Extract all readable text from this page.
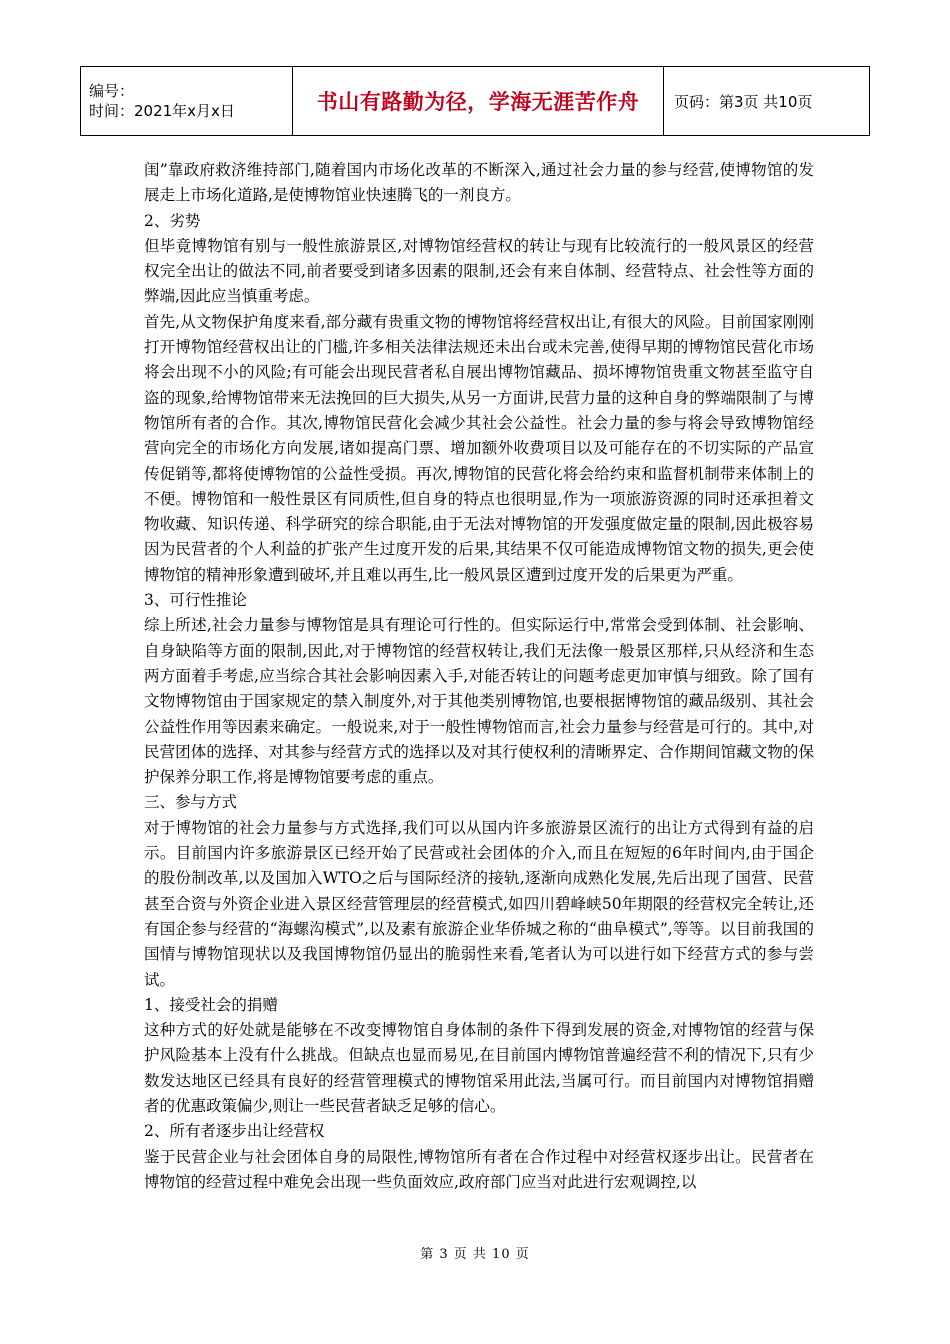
编号：
时间：2021年x月x日	书山有路勤为径，学海无涯苦作舟	页码：第3页 共10页

闺”靠政府救济维持部门,随着国内市场化改革的不断深入,通过社会力量的参与经营,使博物馆的发展走上市场化道路,是使博物馆业快速腾飞的一剂良方。

2、劣势

但毕竟博物馆有别与一般性旅游景区,对博物馆经营权的转让与现有比较流行的一般风景区的经营权完全出让的做法不同,前者要受到诸多因素的限制,还会有来自体制、经营特点、社会性等方面的弊端,因此应当慎重考虑。

首先,从文物保护角度来看,部分藏有贵重文物的博物馆将经营权出让,有很大的风险。目前国家刚刚打开博物馆经营权出让的门槛,许多相关法律法规还未出台或未完善,使得早期的博物馆民营化市场将会出现不小的风险;有可能会出现民营者私自展出博物馆藏品、损坏博物馆贵重文物甚至监守自盗的现象,给博物馆带来无法挽回的巨大损失,从另一方面讲,民营力量的这种自身的弊端限制了与博物馆所有者的合作。其次,博物馆民营化会减少其社会公益性。社会力量的参与将会导致博物馆经营向完全的市场化方向发展,诸如提高门票、增加额外收费项目以及可能存在的不切实际的产品宣传促销等,都将使博物馆的公益性受损。再次,博物馆的民营化将会给约束和监督机制带来体制上的不便。博物馆和一般性景区有同质性,但自身的特点也很明显,作为一项旅游资源的同时还承担着文物收藏、知识传递、科学研究的综合职能,由于无法对博物馆的开发强度做定量的限制,因此极容易因为民营者的个人利益的扩张产生过度开发的后果,其结果不仅可能造成博物馆文物的损失,更会使博物馆的精神形象遭到破坏,并且难以再生,比一般风景区遭到过度开发的后果更为严重。

3、可行性推论

综上所述,社会力量参与博物馆是具有理论可行性的。但实际运行中,常常会受到体制、社会影响、自身缺陷等方面的限制,因此,对于博物馆的经营权转让,我们无法像一般景区那样,只从经济和生态两方面着手考虑,应当综合其社会影响因素入手,对能否转让的问题考虑更加审慎与细致。除了国有文物博物馆由于国家规定的禁入制度外,对于其他类别博物馆,也要根据博物馆的藏品级别、其社会公益性作用等因素来确定。一般说来,对于一般性博物馆而言,社会力量参与经营是可行的。其中,对民营团体的选择、对其参与经营方式的选择以及对其行使权利的清晰界定、合作期间馆藏文物的保护保养分职工作,将是博物馆要考虑的重点。

三、参与方式

对于博物馆的社会力量参与方式选择,我们可以从国内许多旅游景区流行的出让方式得到有益的启示。目前国内许多旅游景区已经开始了民营或社会团体的介入,而且在短短的6年时间内,由于国企的股份制改革,以及国加入WTO之后与国际经济的接轨,逐渐向成熟化发展,先后出现了国营、民营甚至合资与外资企业进入景区经营管理层的经营模式,如四川碧峰峡50年期限的经营权完全转让,还有国企参与经营的“海螺沟模式”,以及素有旅游企业华侨城之称的“曲阜模式”,等等。以目前我国的国情与博物馆现状以及我国博物馆仍显出的脆弱性来看,笔者认为可以进行如下经营方式的参与尝试。

1、接受社会的捐赠

这种方式的好处就是能够在不改变博物馆自身体制的条件下得到发展的资金,对博物馆的经营与保护风险基本上没有什么挑战。但缺点也显而易见,在目前国内博物馆普遍经营不利的情况下,只有少数发达地区已经具有良好的经营管理模式的博物馆采用此法,当属可行。而目前国内对博物馆捐赠者的优惠政策偏少,则让一些民营者缺乏足够的信心。

2、所有者逐步出让经营权

鉴于民营企业与社会团体自身的局限性,博物馆所有者在合作过程中对经营权逐步出让。民营者在博物馆的经营过程中难免会出现一些负面效应,政府部门应当对此进行宏观调控,以

第 3 页 共 10 页
